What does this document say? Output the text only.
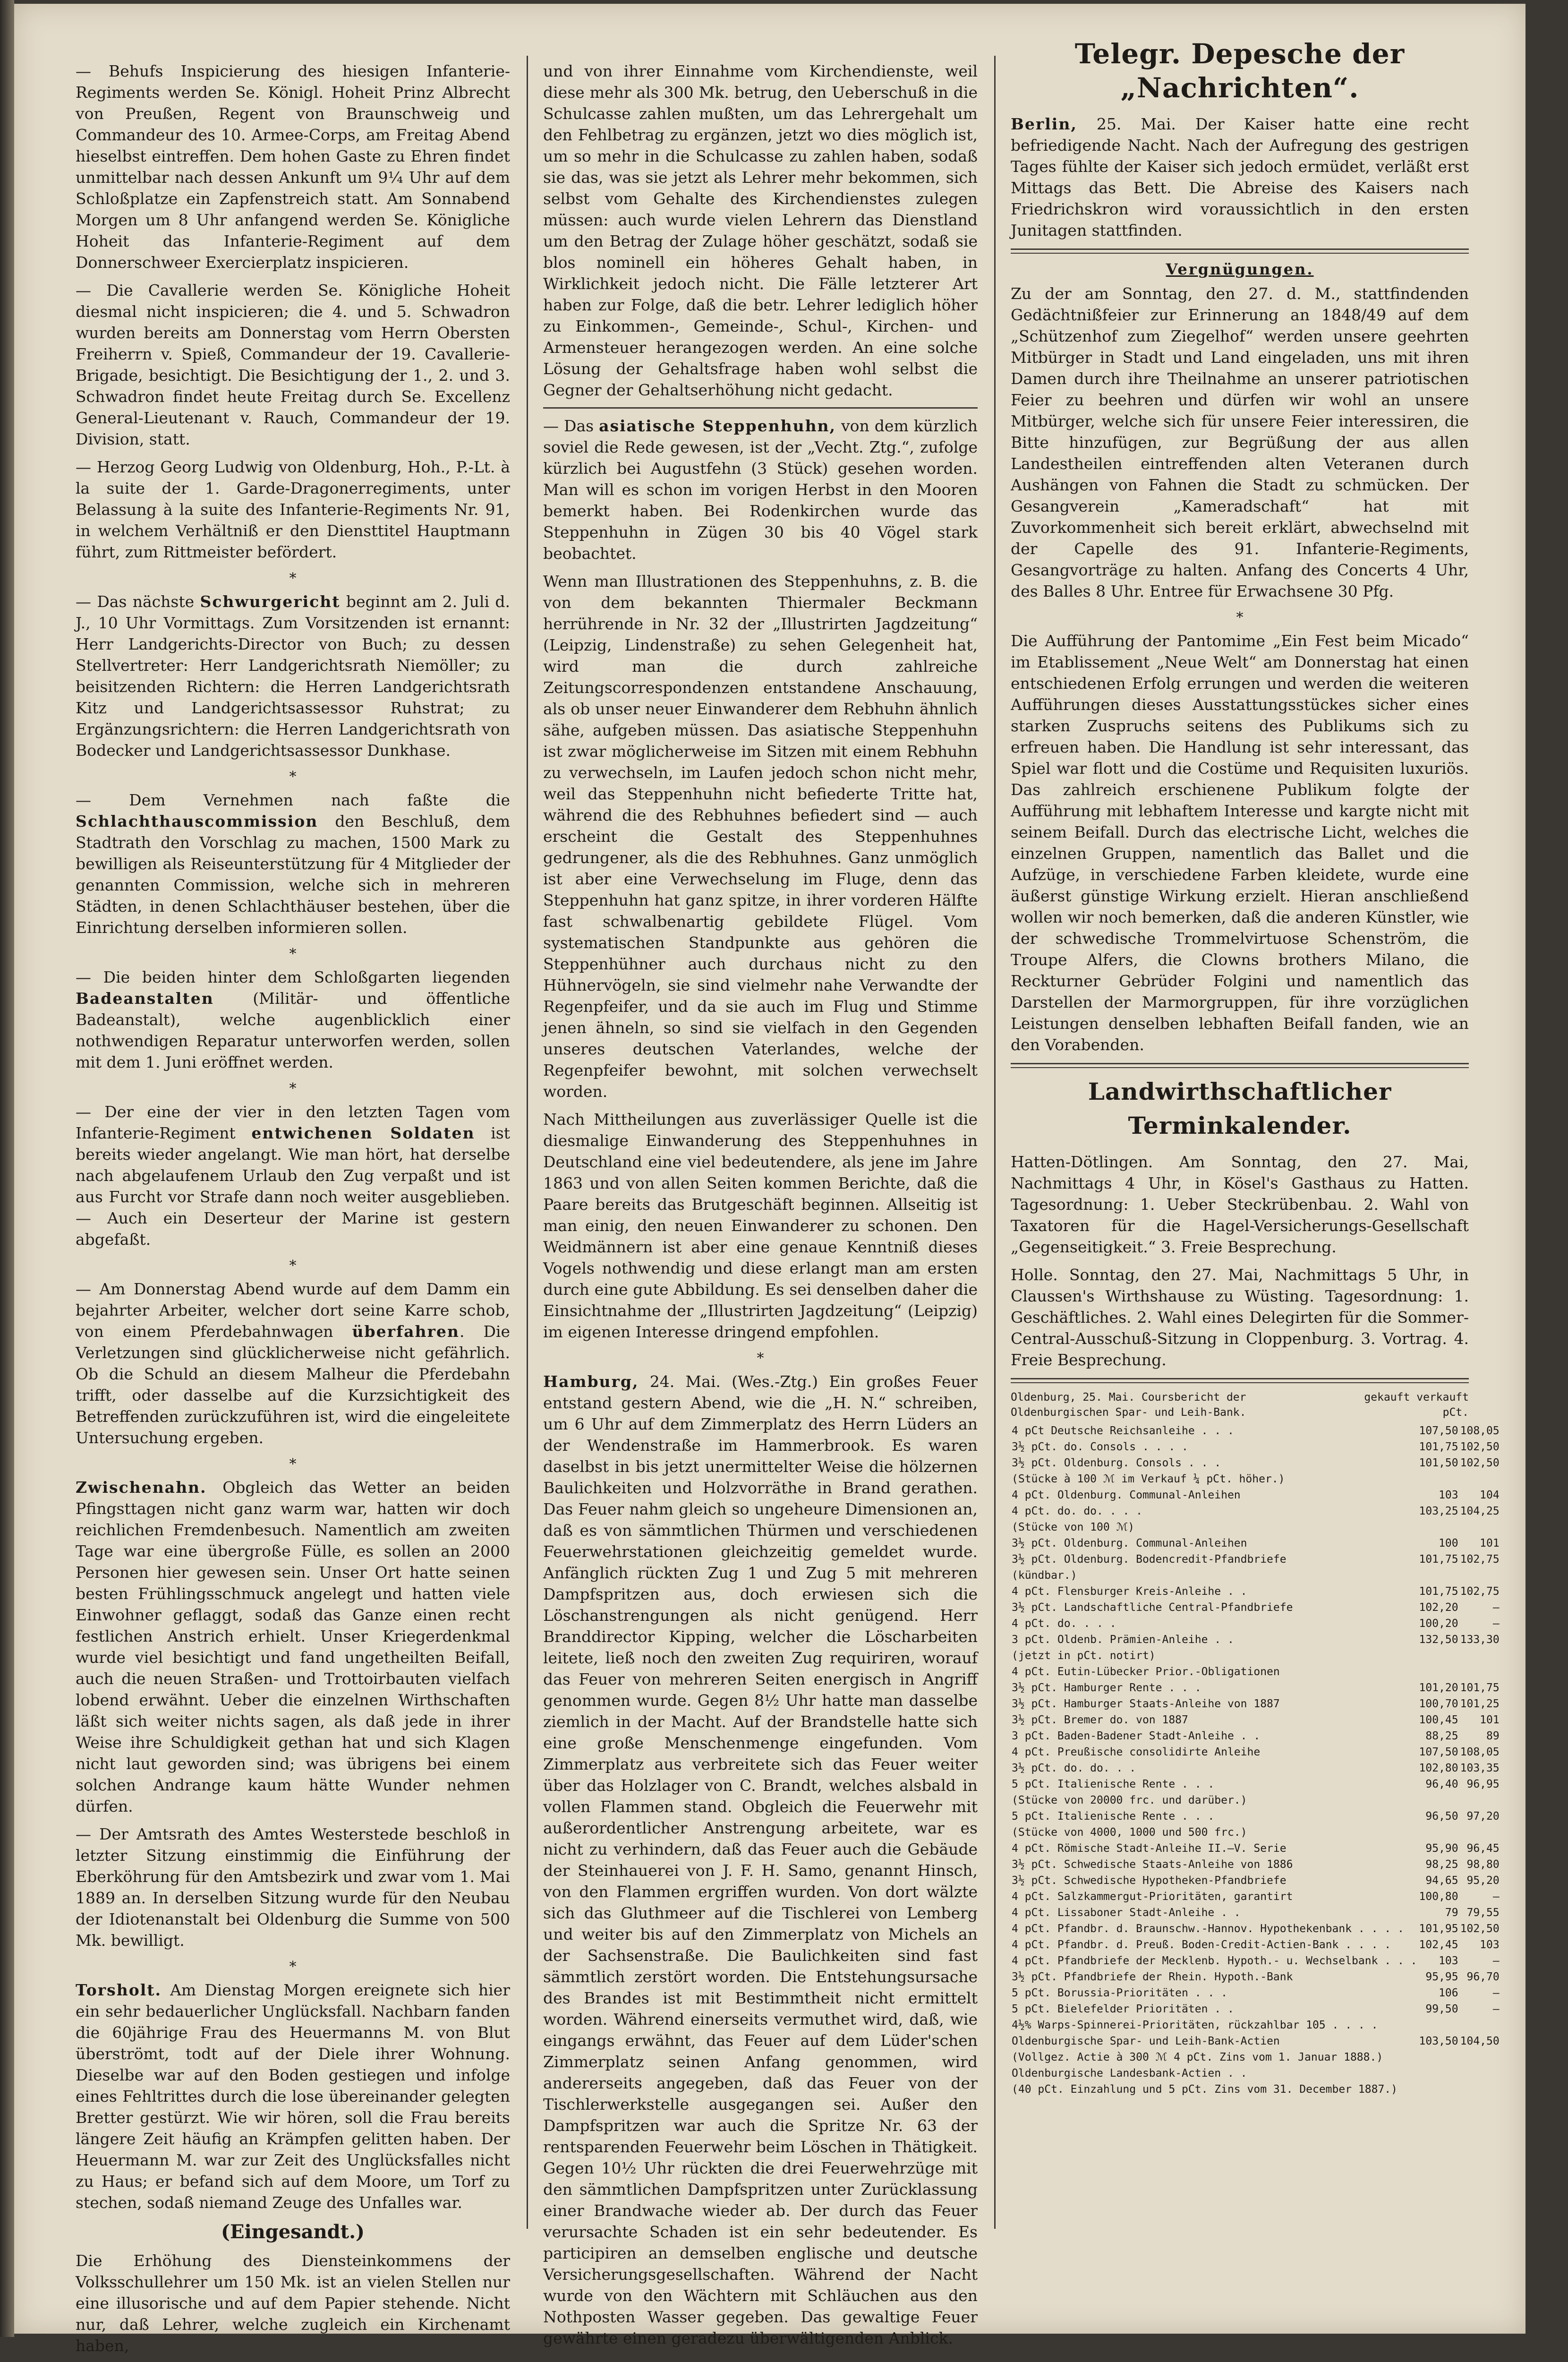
— Behufs Inspicierung des hiesigen Infanterie-Regiments werden Se. Königl. Hoheit Prinz Albrecht von Preußen, Regent von Braunschweig und Commandeur des 10. Armee-Corps, am Freitag Abend hieselbst eintreffen. Dem hohen Gaste zu Ehren findet unmittelbar nach dessen Ankunft um 9¼ Uhr auf dem Schloßplatze ein Zapfenstreich statt. Am Sonnabend Morgen um 8 Uhr anfangend werden Se. Königliche Hoheit das Infanterie-Regiment auf dem Donnerschweer Exercierplatz inspicieren.

— Die Cavallerie werden Se. Königliche Hoheit diesmal nicht inspicieren; die 4. und 5. Schwadron wurden bereits am Donnerstag vom Herrn Obersten Freiherrn v. Spieß, Commandeur der 19. Cavallerie-Brigade, besichtigt. Die Besichtigung der 1., 2. und 3. Schwadron findet heute Freitag durch Se. Excellenz General-Lieutenant v. Rauch, Commandeur der 19. Division, statt.

— Herzog Georg Ludwig von Oldenburg, Hoh., P.-Lt. à la suite der 1. Garde-Dragonerregiments, unter Belassung à la suite des Infanterie-Regiments Nr. 91, in welchem Verhältniß er den Diensttitel Hauptmann führt, zum Rittmeister befördert.

*

— Das nächste Schwurgericht beginnt am 2. Juli d. J., 10 Uhr Vormittags. Zum Vorsitzenden ist ernannt: Herr Landgerichts-Director von Buch; zu dessen Stellvertreter: Herr Landgerichtsrath Niemöller; zu beisitzenden Richtern: die Herren Landgerichtsrath Kitz und Landgerichtsassessor Ruhstrat; zu Ergänzungsrichtern: die Herren Landgerichtsrath von Bodecker und Landgerichtsassessor Dunkhase.

*

— Dem Vernehmen nach faßte die Schlachthauscommission den Beschluß, dem Stadtrath den Vorschlag zu machen, 1500 Mark zu bewilligen als Reiseunterstützung für 4 Mitglieder der genannten Commission, welche sich in mehreren Städten, in denen Schlachthäuser bestehen, über die Einrichtung derselben informieren sollen.

*

— Die beiden hinter dem Schloßgarten liegenden Badeanstalten (Militär- und öffentliche Badeanstalt), welche augenblicklich einer nothwendigen Reparatur unterworfen werden, sollen mit dem 1. Juni eröffnet werden.

*

— Der eine der vier in den letzten Tagen vom Infanterie-Regiment entwichenen Soldaten ist bereits wieder angelangt. Wie man hört, hat derselbe nach abgelaufenem Urlaub den Zug verpaßt und ist aus Furcht vor Strafe dann noch weiter ausgeblieben. — Auch ein Deserteur der Marine ist gestern abgefaßt.

*

— Am Donnerstag Abend wurde auf dem Damm ein bejahrter Arbeiter, welcher dort seine Karre schob, von einem Pferdebahnwagen überfahren. Die Verletzungen sind glücklicherweise nicht gefährlich. Ob die Schuld an diesem Malheur die Pferdebahn trifft, oder dasselbe auf die Kurzsichtigkeit des Betreffenden zurückzuführen ist, wird die eingeleitete Untersuchung ergeben.

*

Zwischenahn. Obgleich das Wetter an beiden Pfingsttagen nicht ganz warm war, hatten wir doch reichlichen Fremdenbesuch. Namentlich am zweiten Tage war eine übergroße Fülle, es sollen an 2000 Personen hier gewesen sein. Unser Ort hatte seinen besten Frühlingsschmuck angelegt und hatten viele Einwohner geflaggt, sodaß das Ganze einen recht festlichen Anstrich erhielt. Unser Kriegerdenkmal wurde viel besichtigt und fand ungetheilten Beifall, auch die neuen Straßen- und Trottoirbauten vielfach lobend erwähnt. Ueber die einzelnen Wirthschaften läßt sich weiter nichts sagen, als daß jede in ihrer Weise ihre Schuldigkeit gethan hat und sich Klagen nicht laut geworden sind; was übrigens bei einem solchen Andrange kaum hätte Wunder nehmen dürfen.

— Der Amtsrath des Amtes Westerstede beschloß in letzter Sitzung einstimmig die Einführung der Eberköhrung für den Amtsbezirk und zwar vom 1. Mai 1889 an. In derselben Sitzung wurde für den Neubau der Idiotenanstalt bei Oldenburg die Summe von 500 Mk. bewilligt.

*

Torsholt. Am Dienstag Morgen ereignete sich hier ein sehr bedauerlicher Unglücksfall. Nachbarn fanden die 60jährige Frau des Heuermanns M. von Blut überströmt, todt auf der Diele ihrer Wohnung. Dieselbe war auf den Boden gestiegen und infolge eines Fehltrittes durch die lose übereinander gelegten Bretter gestürzt. Wie wir hören, soll die Frau bereits längere Zeit häufig an Krämpfen gelitten haben. Der Heuermann M. war zur Zeit des Unglücksfalles nicht zu Haus; er befand sich auf dem Moore, um Torf zu stechen, sodaß niemand Zeuge des Unfalles war.

(Eingesandt.)

Die Erhöhung des Diensteinkommens der Volksschullehrer um 150 Mk. ist an vielen Stellen nur eine illusorische und auf dem Papier stehende. Nicht nur, daß Lehrer, welche zugleich ein Kirchenamt haben,

und von ihrer Einnahme vom Kirchendienste, weil diese mehr als 300 Mk. betrug, den Ueberschuß in die Schulcasse zahlen mußten, um das Lehrergehalt um den Fehlbetrag zu ergänzen, jetzt wo dies möglich ist, um so mehr in die Schulcasse zu zahlen haben, sodaß sie das, was sie jetzt als Lehrer mehr bekommen, sich selbst vom Gehalte des Kirchendienstes zulegen müssen: auch wurde vielen Lehrern das Dienstland um den Betrag der Zulage höher geschätzt, sodaß sie blos nominell ein höheres Gehalt haben, in Wirklichkeit jedoch nicht. Die Fälle letzterer Art haben zur Folge, daß die betr. Lehrer lediglich höher zu Einkommen-, Gemeinde-, Schul-, Kirchen- und Armensteuer herangezogen werden. An eine solche Lösung der Gehaltsfrage haben wohl selbst die Gegner der Gehaltserhöhung nicht gedacht.

— Das asiatische Steppenhuhn, von dem kürzlich soviel die Rede gewesen, ist der „Vecht. Ztg.“, zufolge kürzlich bei Augustfehn (3 Stück) gesehen worden. Man will es schon im vorigen Herbst in den Mooren bemerkt haben. Bei Rodenkirchen wurde das Steppenhuhn in Zügen 30 bis 40 Vögel stark beobachtet.

Wenn man Illustrationen des Steppenhuhns, z. B. die von dem bekannten Thiermaler Beckmann herrührende in Nr. 32 der „Illustrirten Jagdzeitung“ (Leipzig, Lindenstraße) zu sehen Gelegenheit hat, wird man die durch zahlreiche Zeitungscorrespondenzen entstandene Anschauung, als ob unser neuer Einwanderer dem Rebhuhn ähnlich sähe, aufgeben müssen. Das asiatische Steppenhuhn ist zwar möglicherweise im Sitzen mit einem Rebhuhn zu verwechseln, im Laufen jedoch schon nicht mehr, weil das Steppenhuhn nicht befiederte Tritte hat, während die des Rebhuhnes befiedert sind — auch erscheint die Gestalt des Steppenhuhnes gedrungener, als die des Rebhuhnes. Ganz unmöglich ist aber eine Verwechselung im Fluge, denn das Steppenhuhn hat ganz spitze, in ihrer vorderen Hälfte fast schwalbenartig gebildete Flügel. Vom systematischen Standpunkte aus gehören die Steppenhühner auch durchaus nicht zu den Hühnervögeln, sie sind vielmehr nahe Verwandte der Regenpfeifer, und da sie auch im Flug und Stimme jenen ähneln, so sind sie vielfach in den Gegenden unseres deutschen Vaterlandes, welche der Regenpfeifer bewohnt, mit solchen verwechselt worden.

Nach Mittheilungen aus zuverlässiger Quelle ist die diesmalige Einwanderung des Steppenhuhnes in Deutschland eine viel bedeutendere, als jene im Jahre 1863 und von allen Seiten kommen Berichte, daß die Paare bereits das Brutgeschäft beginnen. Allseitig ist man einig, den neuen Einwanderer zu schonen. Den Weidmännern ist aber eine genaue Kenntniß dieses Vogels nothwendig und diese erlangt man am ersten durch eine gute Abbildung. Es sei denselben daher die Einsichtnahme der „Illustrirten Jagdzeitung“ (Leipzig) im eigenen Interesse dringend empfohlen.

*

Hamburg, 24. Mai. (Wes.-Ztg.) Ein großes Feuer entstand gestern Abend, wie die „H. N.“ schreiben, um 6 Uhr auf dem Zimmerplatz des Herrn Lüders an der Wendenstraße im Hammerbrook. Es waren daselbst in bis jetzt unermittelter Weise die hölzernen Baulichkeiten und Holzvorräthe in Brand gerathen. Das Feuer nahm gleich so ungeheure Dimensionen an, daß es von sämmtlichen Thürmen und verschiedenen Feuerwehrstationen gleichzeitig gemeldet wurde. Anfänglich rückten Zug 1 und Zug 5 mit mehreren Dampfspritzen aus, doch erwiesen sich die Löschanstrengungen als nicht genügend. Herr Branddirector Kipping, welcher die Löscharbeiten leitete, ließ noch den zweiten Zug requiriren, worauf das Feuer von mehreren Seiten energisch in Angriff genommen wurde. Gegen 8½ Uhr hatte man dasselbe ziemlich in der Macht. Auf der Brandstelle hatte sich eine große Menschenmenge eingefunden. Vom Zimmerplatz aus verbreitete sich das Feuer weiter über das Holzlager von C. Brandt, welches alsbald in vollen Flammen stand. Obgleich die Feuerwehr mit außerordentlicher Anstrengung arbeitete, war es nicht zu verhindern, daß das Feuer auch die Gebäude der Steinhauerei von J. F. H. Samo, genannt Hinsch, von den Flammen ergriffen wurden. Von dort wälzte sich das Gluthmeer auf die Tischlerei von Lemberg und weiter bis auf den Zimmerplatz von Michels an der Sachsenstraße. Die Baulichkeiten sind fast sämmtlich zerstört worden. Die Entstehungsursache des Brandes ist mit Bestimmtheit nicht ermittelt worden. Während einerseits vermuthet wird, daß, wie eingangs erwähnt, das Feuer auf dem Lüder'schen Zimmerplatz seinen Anfang genommen, wird andererseits angegeben, daß das Feuer von der Tischlerwerkstelle ausgegangen sei. Außer den Dampfspritzen war auch die Spritze Nr. 63 der rentsparenden Feuerwehr beim Löschen in Thätigkeit. Gegen 10½ Uhr rückten die drei Feuerwehrzüge mit den sämmtlichen Dampfspritzen unter Zurücklassung einer Brandwache wieder ab. Der durch das Feuer verursachte Schaden ist ein sehr bedeutender. Es participiren an demselben englische und deutsche Versicherungsgesellschaften. Während der Nacht wurde von den Wächtern mit Schläuchen aus den Nothposten Wasser gegeben. Das gewaltige Feuer gewährte einen geradezu überwältigenden Anblick.

Telegr. Depesche der „Nachrichten“.

Berlin, 25. Mai. Der Kaiser hatte eine recht befriedigende Nacht. Nach der Aufregung des gestrigen Tages fühlte der Kaiser sich jedoch ermüdet, verläßt erst Mittags das Bett. Die Abreise des Kaisers nach Friedrichskron wird voraussichtlich in den ersten Junitagen stattfinden.

Vergnügungen.

Zu der am Sonntag, den 27. d. M., stattfindenden Gedächtnißfeier zur Erinnerung an 1848/49 auf dem „Schützenhof zum Ziegelhof“ werden unsere geehrten Mitbürger in Stadt und Land eingeladen, uns mit ihren Damen durch ihre Theilnahme an unserer patriotischen Feier zu beehren und dürfen wir wohl an unsere Mitbürger, welche sich für unsere Feier interessiren, die Bitte hinzufügen, zur Begrüßung der aus allen Landestheilen eintreffenden alten Veteranen durch Aushängen von Fahnen die Stadt zu schmücken. Der Gesangverein „Kameradschaft“ hat mit Zuvorkommenheit sich bereit erklärt, abwechselnd mit der Capelle des 91. Infanterie-Regiments, Gesangvorträge zu halten. Anfang des Concerts 4 Uhr, des Balles 8 Uhr. Entree für Erwachsene 30 Pfg.

*

Die Aufführung der Pantomime „Ein Fest beim Micado“ im Etablissement „Neue Welt“ am Donnerstag hat einen entschiedenen Erfolg errungen und werden die weiteren Aufführungen dieses Ausstattungsstückes sicher eines starken Zuspruchs seitens des Publikums sich zu erfreuen haben. Die Handlung ist sehr interessant, das Spiel war flott und die Costüme und Requisiten luxuriös. Das zahlreich erschienene Publikum folgte der Aufführung mit lebhaftem Interesse und kargte nicht mit seinem Beifall. Durch das electrische Licht, welches die einzelnen Gruppen, namentlich das Ballet und die Aufzüge, in verschiedene Farben kleidete, wurde eine äußerst günstige Wirkung erzielt. Hieran anschließend wollen wir noch bemerken, daß die anderen Künstler, wie der schwedische Trommelvirtuose Schenström, die Troupe Alfers, die Clowns brothers Milano, die Reckturner Gebrüder Folgini und namentlich das Darstellen der Marmorgruppen, für ihre vorzüglichen Leistungen denselben lebhaften Beifall fanden, wie an den Vorabenden.

Landwirthschaftlicher Terminkalender.

Hatten-Dötlingen. Am Sonntag, den 27. Mai, Nachmittags 4 Uhr, in Kösel's Gasthaus zu Hatten. Tagesordnung: 1. Ueber Steckrübenbau. 2. Wahl von Taxatoren für die Hagel-Versicherungs-Gesellschaft „Gegenseitigkeit.“ 3. Freie Besprechung.

Holle. Sonntag, den 27. Mai, Nachmittags 5 Uhr, in Claussen's Wirthshause zu Wüsting. Tagesordnung: 1. Geschäftliches. 2. Wahl eines Delegirten für die Sommer-Central-Ausschuß-Sitzung in Cloppenburg. 3. Vortrag. 4. Freie Besprechung.

gekauft verkauft
pCt.
Oldenburg, 25. Mai. Coursbericht der Oldenburgischen Spar- und Leih-Bank.
4 pCt Deutsche Reichsanleihe . . .	107,50	108,05
3½ pCt. do. Consols . . . .	101,75	102,50
3½ pCt. Oldenburg. Consols . . .	101,50	102,50
(Stücke à 100 ℳ im Verkauf ¼ pCt. höher.)		
4 pCt. Oldenburg. Communal-Anleihen	103	104
4 pCt. do. do. . . .	103,25	104,25
(Stücke von 100 ℳ)		
3½ pCt. Oldenburg. Communal-Anleihen	100	101
3½ pCt. Oldenburg. Bodencredit-Pfandbriefe	101,75	102,75
(kündbar.)		
4 pCt. Flensburger Kreis-Anleihe . .	101,75	102,75
3½ pCt. Landschaftliche Central-Pfandbriefe	102,20	—
4 pCt. do. . . .	100,20	—
3 pCt. Oldenb. Prämien-Anleihe . .	132,50	133,30
(jetzt in pCt. notirt)		
4 pCt. Eutin-Lübecker Prior.-Obligationen		
3½ pCt. Hamburger Rente . . .	101,20	101,75
3½ pCt. Hamburger Staats-Anleihe von 1887	100,70	101,25
3½ pCt. Bremer do. von 1887	100,45	101
3 pCt. Baden-Badener Stadt-Anleihe . .	88,25	89
4 pCt. Preußische consolidirte Anleihe	107,50	108,05
3½ pCt. do. do. . .	102,80	103,35
5 pCt. Italienische Rente . . .	96,40	96,95
(Stücke von 20000 frc. und darüber.)		
5 pCt. Italienische Rente . . .	96,50	97,20
(Stücke von 4000, 1000 und 500 frc.)		
4 pCt. Römische Stadt-Anleihe II.—V. Serie	95,90	96,45
3½ pCt. Schwedische Staats-Anleihe von 1886	98,25	98,80
3½ pCt. Schwedische Hypotheken-Pfandbriefe	94,65	95,20
4 pCt. Salzkammergut-Prioritäten, garantirt	100,80	—
4 pCt. Lissaboner Stadt-Anleihe . .	79	79,55
4 pCt. Pfandbr. d. Braunschw.-Hannov. Hypothekenbank . . . .	101,95	102,50
4 pCt. Pfandbr. d. Preuß. Boden-Credit-Actien-Bank . . . .	102,45	103
4 pCt. Pfandbriefe der Mecklenb. Hypoth.- u. Wechselbank . . .	103	—
3½ pCt. Pfandbriefe der Rhein. Hypoth.-Bank	95,95	96,70
5 pCt. Borussia-Prioritäten . . .	106	—
5 pCt. Bielefelder Prioritäten . .	99,50	—
4½% Warps-Spinnerei-Prioritäten, rückzahlbar 105 . . . .		
Oldenburgische Spar- und Leih-Bank-Actien	103,50	104,50
(Vollgez. Actie à 300 ℳ 4 pCt. Zins vom 1. Januar 1888.)		
Oldenburgische Landesbank-Actien . .		
(40 pCt. Einzahlung und 5 pCt. Zins vom 31. December 1887.)		
